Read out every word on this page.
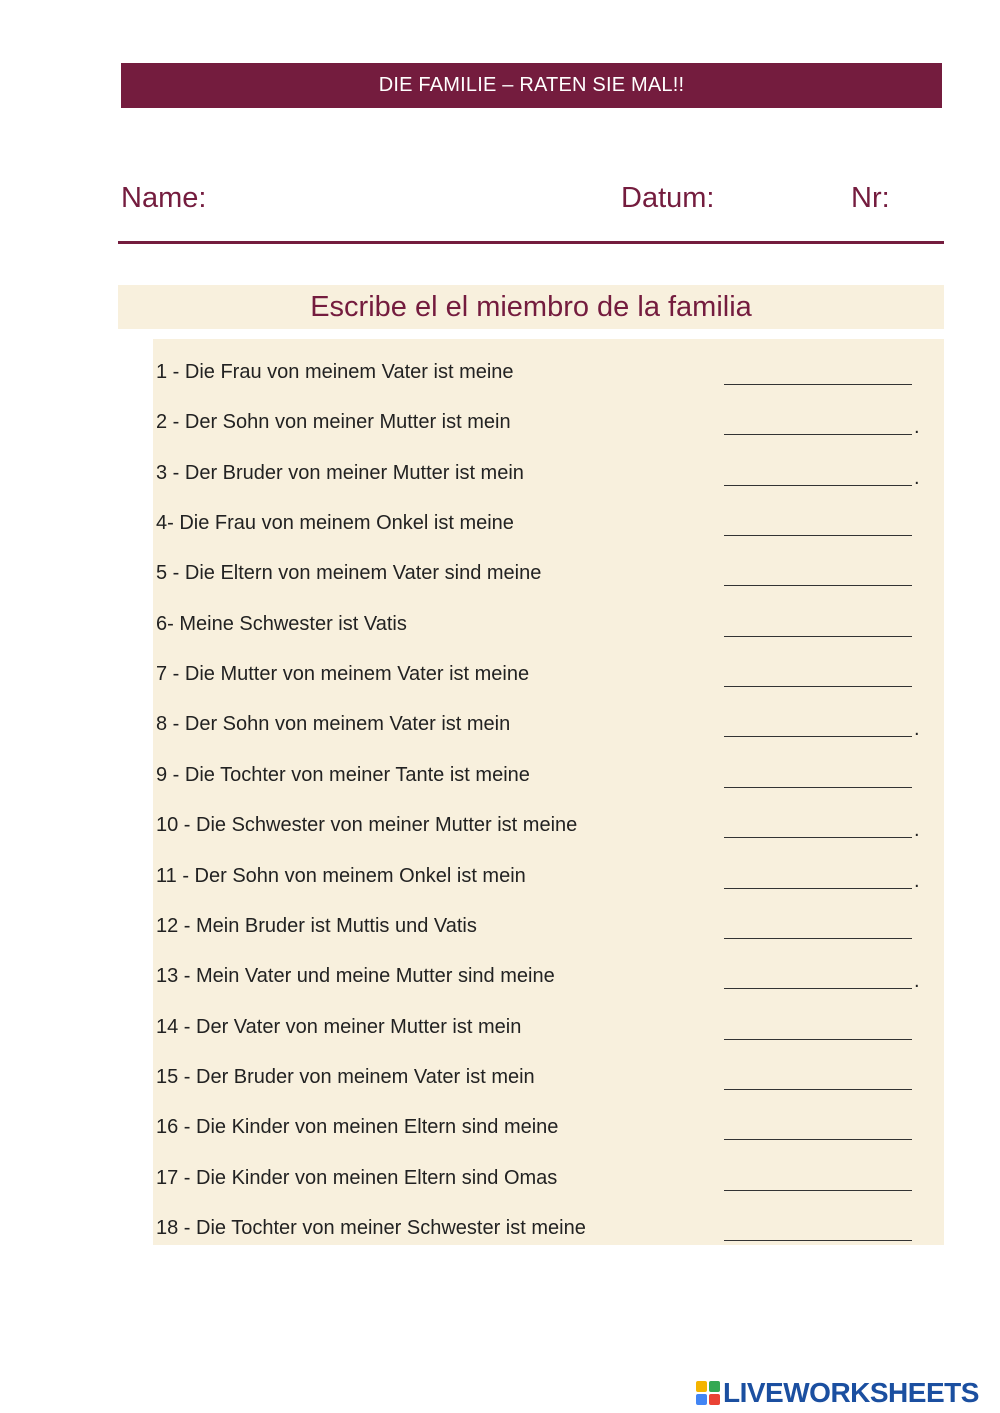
DIE FAMILIE – RATEN SIE MAL!!
Name:	Datum:	Nr:
Escribe el el miembro de la familia
1 - Die Frau von meinem Vater ist meine
2 - Der Sohn von meiner Mutter ist mein	.
3 - Der Bruder von meiner Mutter ist mein	.
4- Die Frau von meinem Onkel ist meine
5 - Die Eltern von meinem Vater sind meine
6- Meine Schwester ist Vatis
7 - Die Mutter von meinem Vater ist meine
8 - Der Sohn von meinem Vater ist mein	.
9 - Die Tochter von meiner Tante ist meine
10 - Die Schwester von meiner Mutter ist meine	.
11 - Der Sohn von meinem Onkel ist mein	.
12 - Mein Bruder ist Muttis und Vatis
13 - Mein Vater und meine Mutter sind meine	.
14 - Der Vater von meiner Mutter ist mein
15 - Der Bruder von meinem Vater ist mein
16 - Die Kinder von meinen Eltern sind meine
17 - Die Kinder von meinen Eltern sind Omas
18 - Die Tochter von meiner Schwester ist meine
LIVEWORKSHEETS
